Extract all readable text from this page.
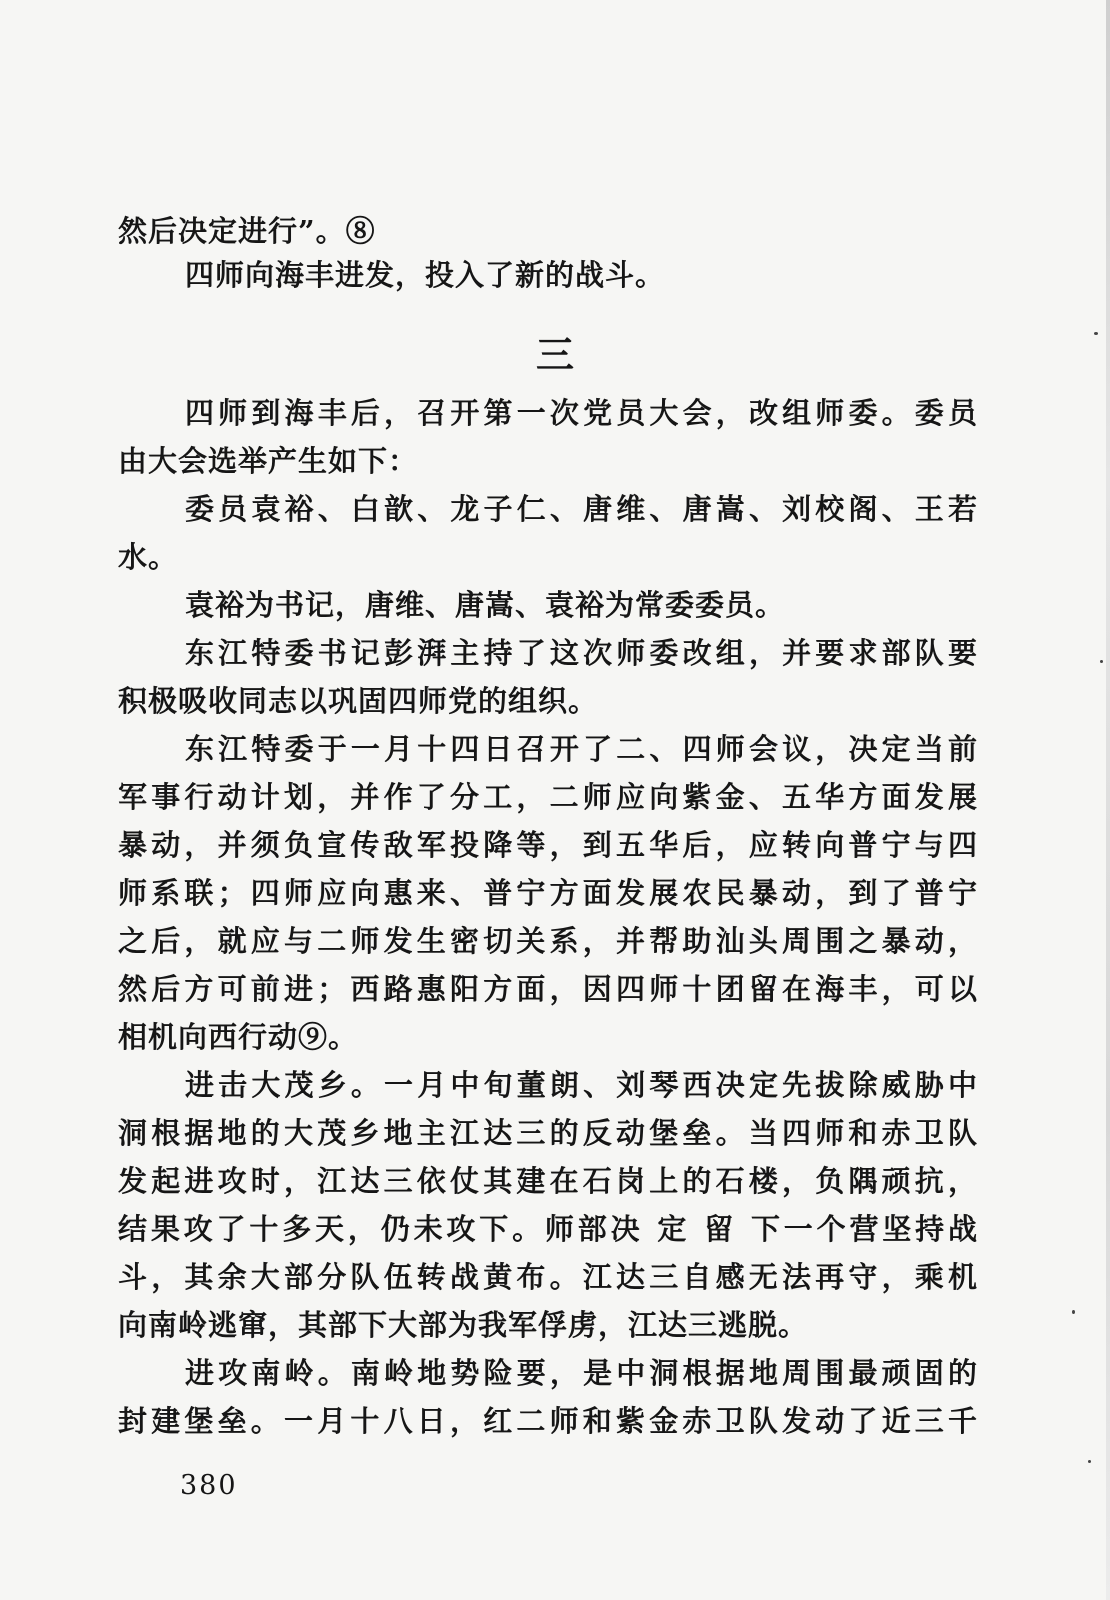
然后决定进行”。⑧
四师向海丰进发，投入了新的战斗。
三
四师到海丰后，召开第一次党员大会，改组师委。委员
由大会选举产生如下：
委员袁裕、白歆、龙子仁、唐维、唐嵩、刘校阁、王若
水。
袁裕为书记，唐维、唐嵩、袁裕为常委委员。
东江特委书记彭湃主持了这次师委改组，并要求部队要
积极吸收同志以巩固四师党的组织。
东江特委于一月十四日召开了二、四师会议，决定当前
军事行动计划，并作了分工，二师应向紫金、五华方面发展
暴动，并须负宣传敌军投降等，到五华后，应转向普宁与四
师系联；四师应向惠来、普宁方面发展农民暴动，到了普宁
之后，就应与二师发生密切关系，并帮助汕头周围之暴动，
然后方可前进；西路惠阳方面，因四师十团留在海丰，可以
相机向西行动⑨。
进击大茂乡。一月中旬董朗、刘琴西决定先拔除威胁中
洞根据地的大茂乡地主江达三的反动堡垒。当四师和赤卫队
发起进攻时，江达三依仗其建在石岗上的石楼，负隅顽抗，
结果攻了十多天，仍未攻下。师部决 定 留 下一个营坚持战
斗，其余大部分队伍转战黄布。江达三自感无法再守，乘机
向南岭逃窜，其部下大部为我军俘虏，江达三逃脱。
进攻南岭。南岭地势险要，是中洞根据地周围最顽固的
封建堡垒。一月十八日，红二师和紫金赤卫队发动了近三千
380
